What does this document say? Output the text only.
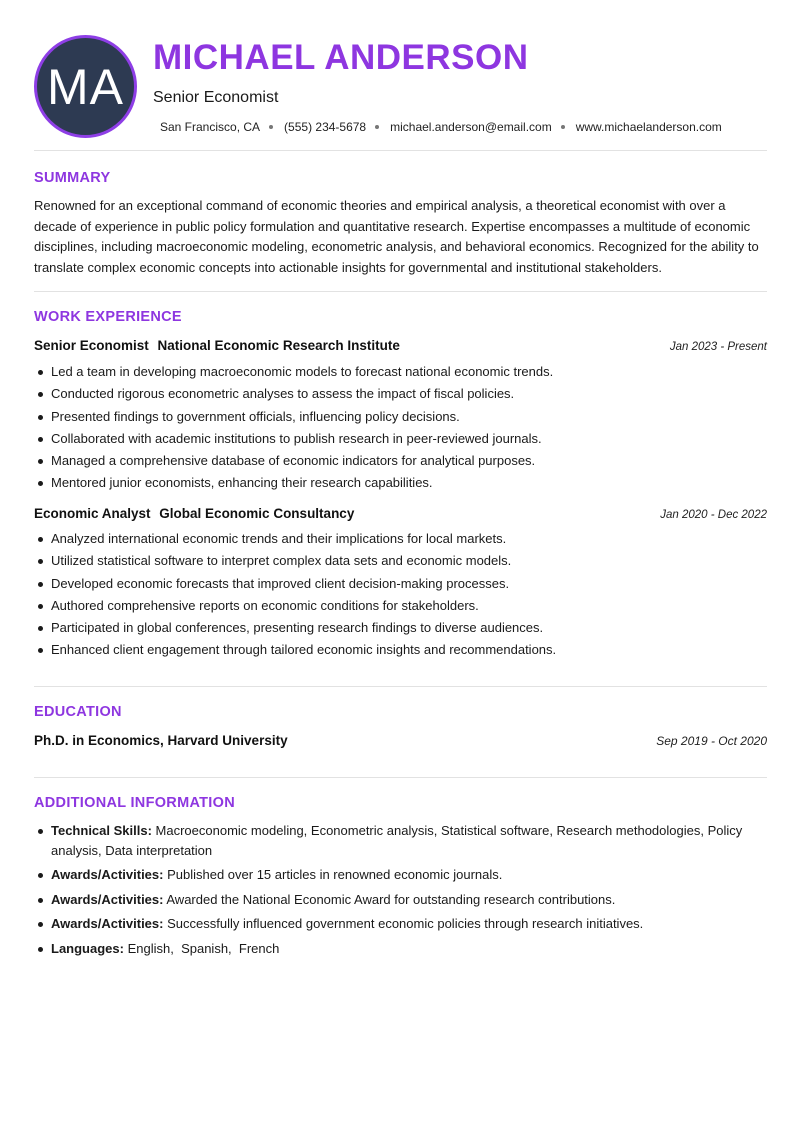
MA
MICHAEL ANDERSON
Senior Economist
San Francisco, CA (555) 234-5678 michael.anderson@email.com www.michaelanderson.com
SUMMARY

Renowned for an exceptional command of economic theories and empirical analysis, a theoretical economist with over a decade of experience in public policy formulation and quantitative research. Expertise encompasses a multitude of economic disciplines, including macroeconomic modeling, econometric analysis, and behavioral economics. Recognized for the ability to translate complex economic concepts into actionable insights for governmental and institutional stakeholders.

WORK EXPERIENCE
Senior Economist National Economic Research Institute	Jan 2023 - Present
Led a team in developing macroeconomic models to forecast national economic trends.
Conducted rigorous econometric analyses to assess the impact of fiscal policies.
Presented findings to government officials, influencing policy decisions.
Collaborated with academic institutions to publish research in peer-reviewed journals.
Managed a comprehensive database of economic indicators for analytical purposes.
Mentored junior economists, enhancing their research capabilities.
Economic Analyst Global Economic Consultancy	Jan 2020 - Dec 2022
Analyzed international economic trends and their implications for local markets.
Utilized statistical software to interpret complex data sets and economic models.
Developed economic forecasts that improved client decision-making processes.
Authored comprehensive reports on economic conditions for stakeholders.
Participated in global conferences, presenting research findings to diverse audiences.
Enhanced client engagement through tailored economic insights and recommendations.
EDUCATION
Ph.D. in Economics, Harvard University	Sep 2019 - Oct 2020
ADDITIONAL INFORMATION
Technical Skills: Macroeconomic modeling, Econometric analysis, Statistical software, Research methodologies, Policy analysis, Data interpretation
Awards/Activities: Published over 15 articles in renowned economic journals.
Awards/Activities: Awarded the National Economic Award for outstanding research contributions.
Awards/Activities: Successfully influenced government economic policies through research initiatives.
Languages: English,  Spanish,  French
